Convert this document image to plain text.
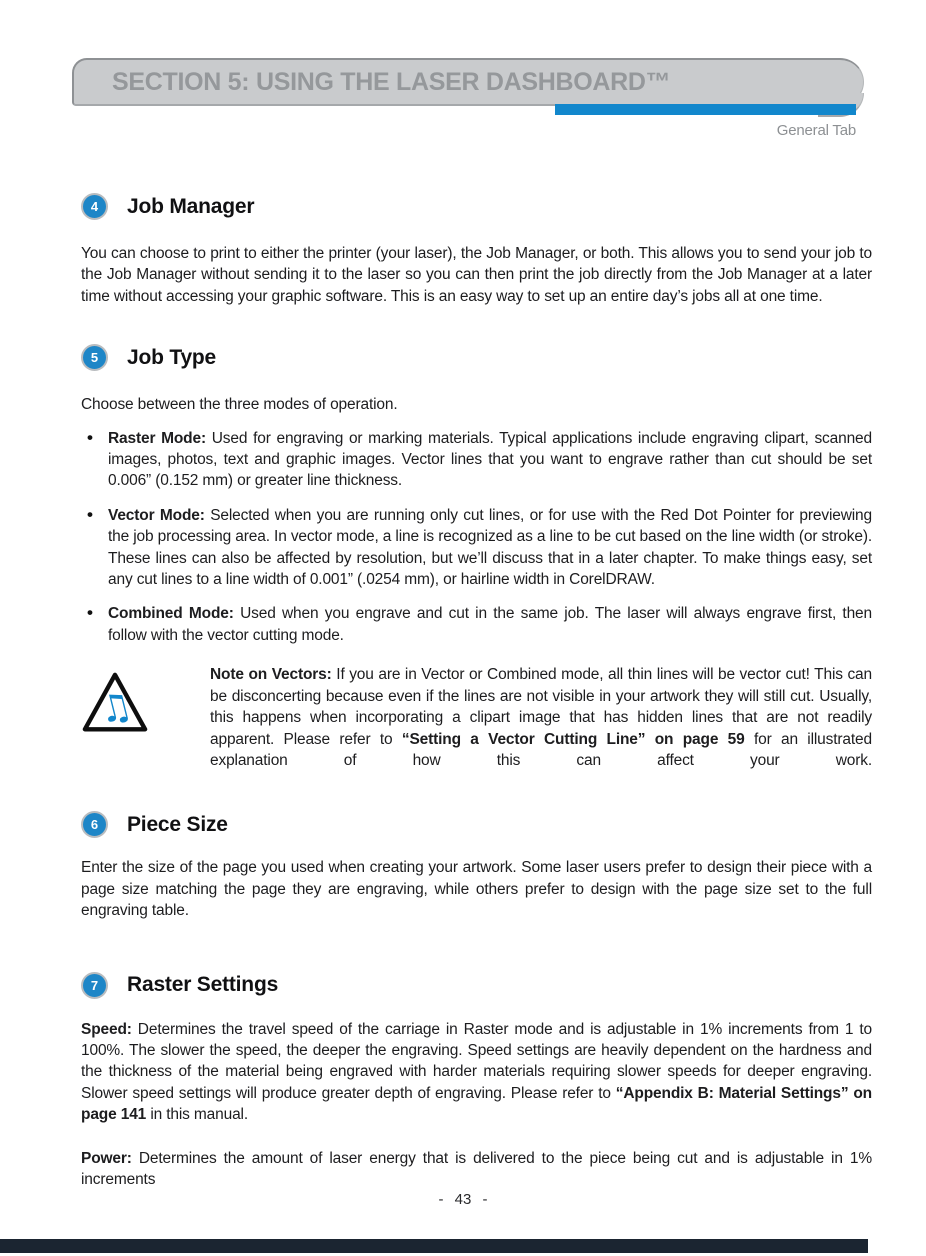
SECTION 5: USING THE LASER DASHBOARD™
General Tab
4	Job Manager

You can choose to print to either the printer (your laser), the Job Manager, or both. This allows you to send your job to the Job Manager without sending it to the laser so you can then print the job directly from the Job Manager at a later time without accessing your graphic software. This is an easy way to set up an entire day’s jobs all at one time.

5	Job Type

Choose between the three modes of operation.

• Raster Mode: Used for engraving or marking materials. Typical applications include engraving clipart, scanned images, photos, text and graphic images. Vector lines that you want to engrave rather than cut should be set 0.006” (0.152 mm) or greater line thickness.
• Vector Mode: Selected when you are running only cut lines, or for use with the Red Dot Pointer for previewing the job processing area. In vector mode, a line is recognized as a line to be cut based on the line width (or stroke). These lines can also be affected by resolution, but we’ll discuss that in a later chapter. To make things easy, set any cut lines to a line width of 0.001” (.0254 mm), or hairline width in CorelDRAW.
• Combined Mode: Used when you engrave and cut in the same job. The laser will always engrave first, then follow with the vector cutting mode.
♫

Note on Vectors: If you are in Vector or Combined mode, all thin lines will be vector cut! This can be disconcerting because even if the lines are not visible in your artwork they will still cut. Usually, this happens when incorporating a clipart image that has hidden lines that are not readily apparent. Please refer to “Setting a Vector Cutting Line” on page 59 for an illustrated explanation of how this can affect your work.

6	Piece Size

Enter the size of the page you used when creating your artwork. Some laser users prefer to design their piece with a page size matching the page they are engraving, while others prefer to design with the page size set to the full engraving table.

7	Raster Settings

Speed: Determines the travel speed of the carriage in Raster mode and is adjustable in 1% increments from 1 to 100%. The slower the speed, the deeper the engraving. Speed settings are heavily dependent on the hardness and the thickness of the material being engraved with harder materials requiring slower speeds for deeper engraving. Slower speed settings will produce greater depth of engraving. Please refer to “Appendix B: Material Settings” on page 141 in this manual.

Power: Determines the amount of laser energy that is delivered to the piece being cut and is adjustable in 1% increments

- 43 -
